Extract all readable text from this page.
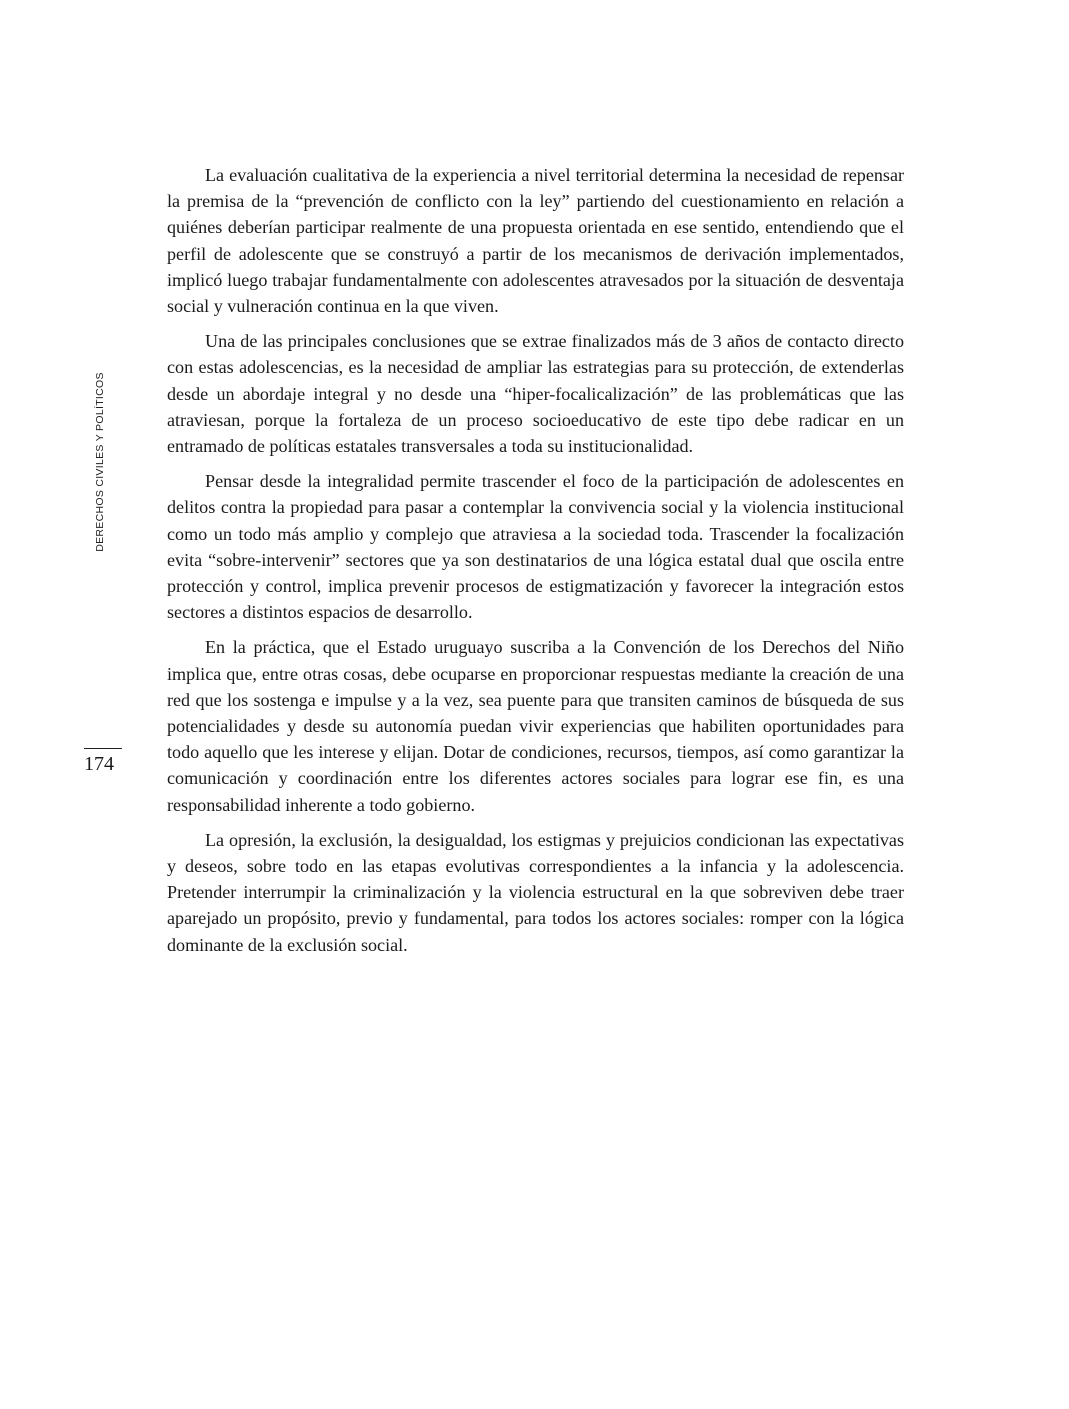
DERECHOS CIVILES Y POLÍTICOS
174

La evaluación cualitativa de la experiencia a nivel territorial determina la necesidad de repensar la premisa de la “prevención de conflicto con la ley” partiendo del cuestionamiento en relación a quiénes deberían participar realmente de una propuesta orientada en ese sentido, entendiendo que el perfil de adolescente que se construyó a partir de los mecanismos de derivación implementados, implicó luego trabajar fundamentalmente con adolescentes atravesados por la situación de desventaja social y vulneración continua en la que viven.

Una de las principales conclusiones que se extrae finalizados más de 3 años de contacto directo con estas adolescencias, es la necesidad de ampliar las estrategias para su protección, de extenderlas desde un abordaje integral y no desde una “hiper-focalicalización” de las problemáticas que las atraviesan, porque la fortaleza de un proceso socioeducativo de este tipo debe radicar en un entramado de políticas estatales transversales a toda su institucionalidad.

Pensar desde la integralidad permite trascender el foco de la participación de adolescentes en delitos contra la propiedad para pasar a contemplar la convivencia social y la violencia institucional como un todo más amplio y complejo que atraviesa a la sociedad toda. Trascender la focalización evita “sobre-intervenir” sectores que ya son destinatarios de una lógica estatal dual que oscila entre protección y control, implica prevenir procesos de estigmatización y favorecer la integración estos sectores a distintos espacios de desarrollo.

En la práctica, que el Estado uruguayo suscriba a la Convención de los Derechos del Niño implica que, entre otras cosas, debe ocuparse en proporcionar respuestas mediante la creación de una red que los sostenga e impulse y a la vez, sea puente para que transiten caminos de búsqueda de sus potencialidades y desde su autonomía puedan vivir experiencias que habiliten oportunidades para todo aquello que les interese y elijan. Dotar de condiciones, recursos, tiempos, así como garantizar la comunicación y coordinación entre los diferentes actores sociales para lograr ese fin, es una responsabilidad inherente a todo gobierno.

La opresión, la exclusión, la desigualdad, los estigmas y prejuicios condicionan las expectativas y deseos, sobre todo en las etapas evolutivas correspondientes a la infancia y la adolescencia. Pretender interrumpir la criminalización y la violencia estructural en la que sobreviven debe traer aparejado un propósito, previo y fundamental, para todos los actores sociales: romper con la lógica dominante de la exclusión social.
